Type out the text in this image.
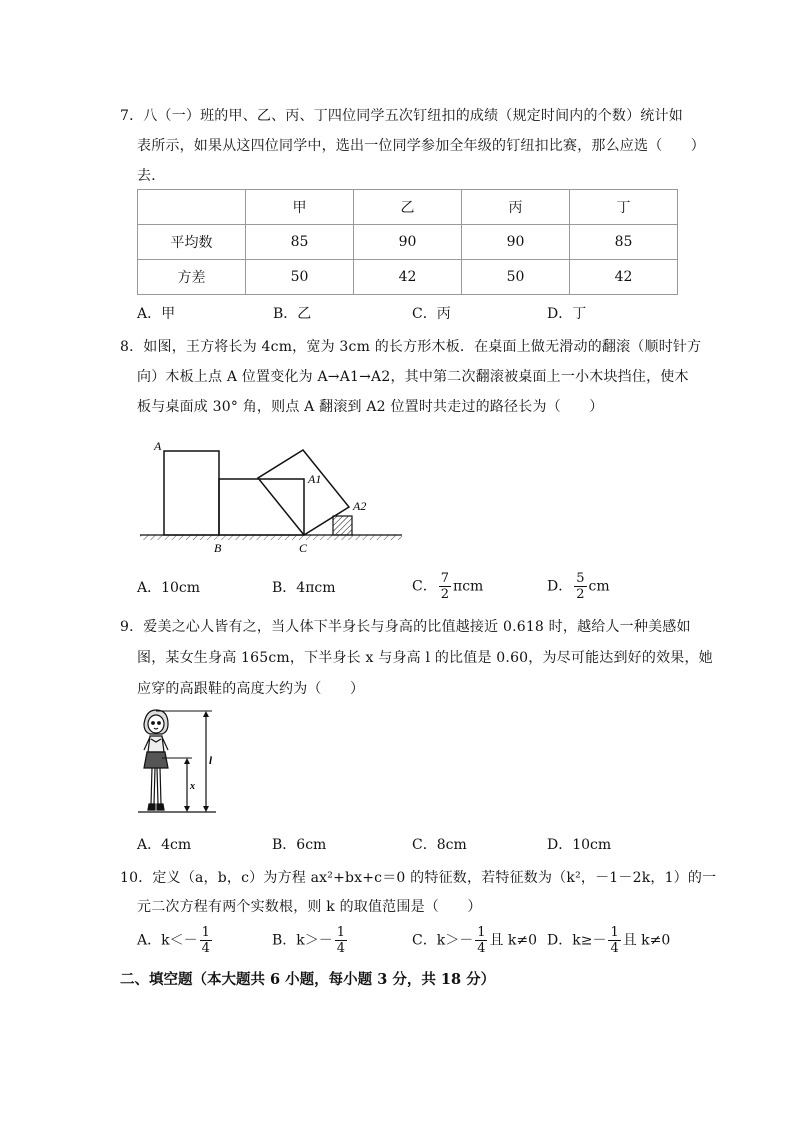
7．八（一）班的甲、乙、丙、丁四位同学五次钉纽扣的成绩（规定时间内的个数）统计如
表所示，如果从这四位同学中，选出一位同学参加全年级的钉纽扣比赛，那么应选（　　）
去．
	甲	乙	丙	丁
平均数	85	90	90	85
方差	50	42	50	42
A．甲	B．乙	C．丙	D．丁
8．如图，王方将长为 4cm，宽为 3cm 的长方形木板．在桌面上做无滑动的翻滚（顺时针方
向）木板上点 A 位置变化为 A→A1→A2，其中第二次翻滚被桌面上一小木块挡住，使木
板与桌面成 30° 角，则点 A 翻滚到 A2 位置时共走过的路径长为（　　）
A
A1
A2
B	C
A．10cm	B．4πcm	C． $\frac{7}{2}$ πcm	D． $\frac{5}{2}$ cm
9．爱美之心人皆有之，当人体下半身长与身高的比值越接近 0.618 时，越给人一种美感如
图，某女生身高 165cm，下半身长 x 与身高 l 的比值是 0.60，为尽可能达到好的效果，她
应穿的高跟鞋的高度大约为（　　）
l
x
A．4cm	B．6cm	C．8cm	D．10cm
10．定义（a，b，c）为方程 ax²+bx+c＝0 的特征数，若特征数为（k²，－1－2k，1）的一
元二次方程有两个实数根，则 k 的取值范围是（　　）
A．$k<- \frac{1}{4}$	B．$k>- \frac{1}{4}$	C．$k>- \frac{1}{4}$ 且 k≠0 D．$k\ge- \frac{1}{4}$ 且 k≠0
二、填空题（本大题共 6 小题，每小题 3 分，共 18 分）
